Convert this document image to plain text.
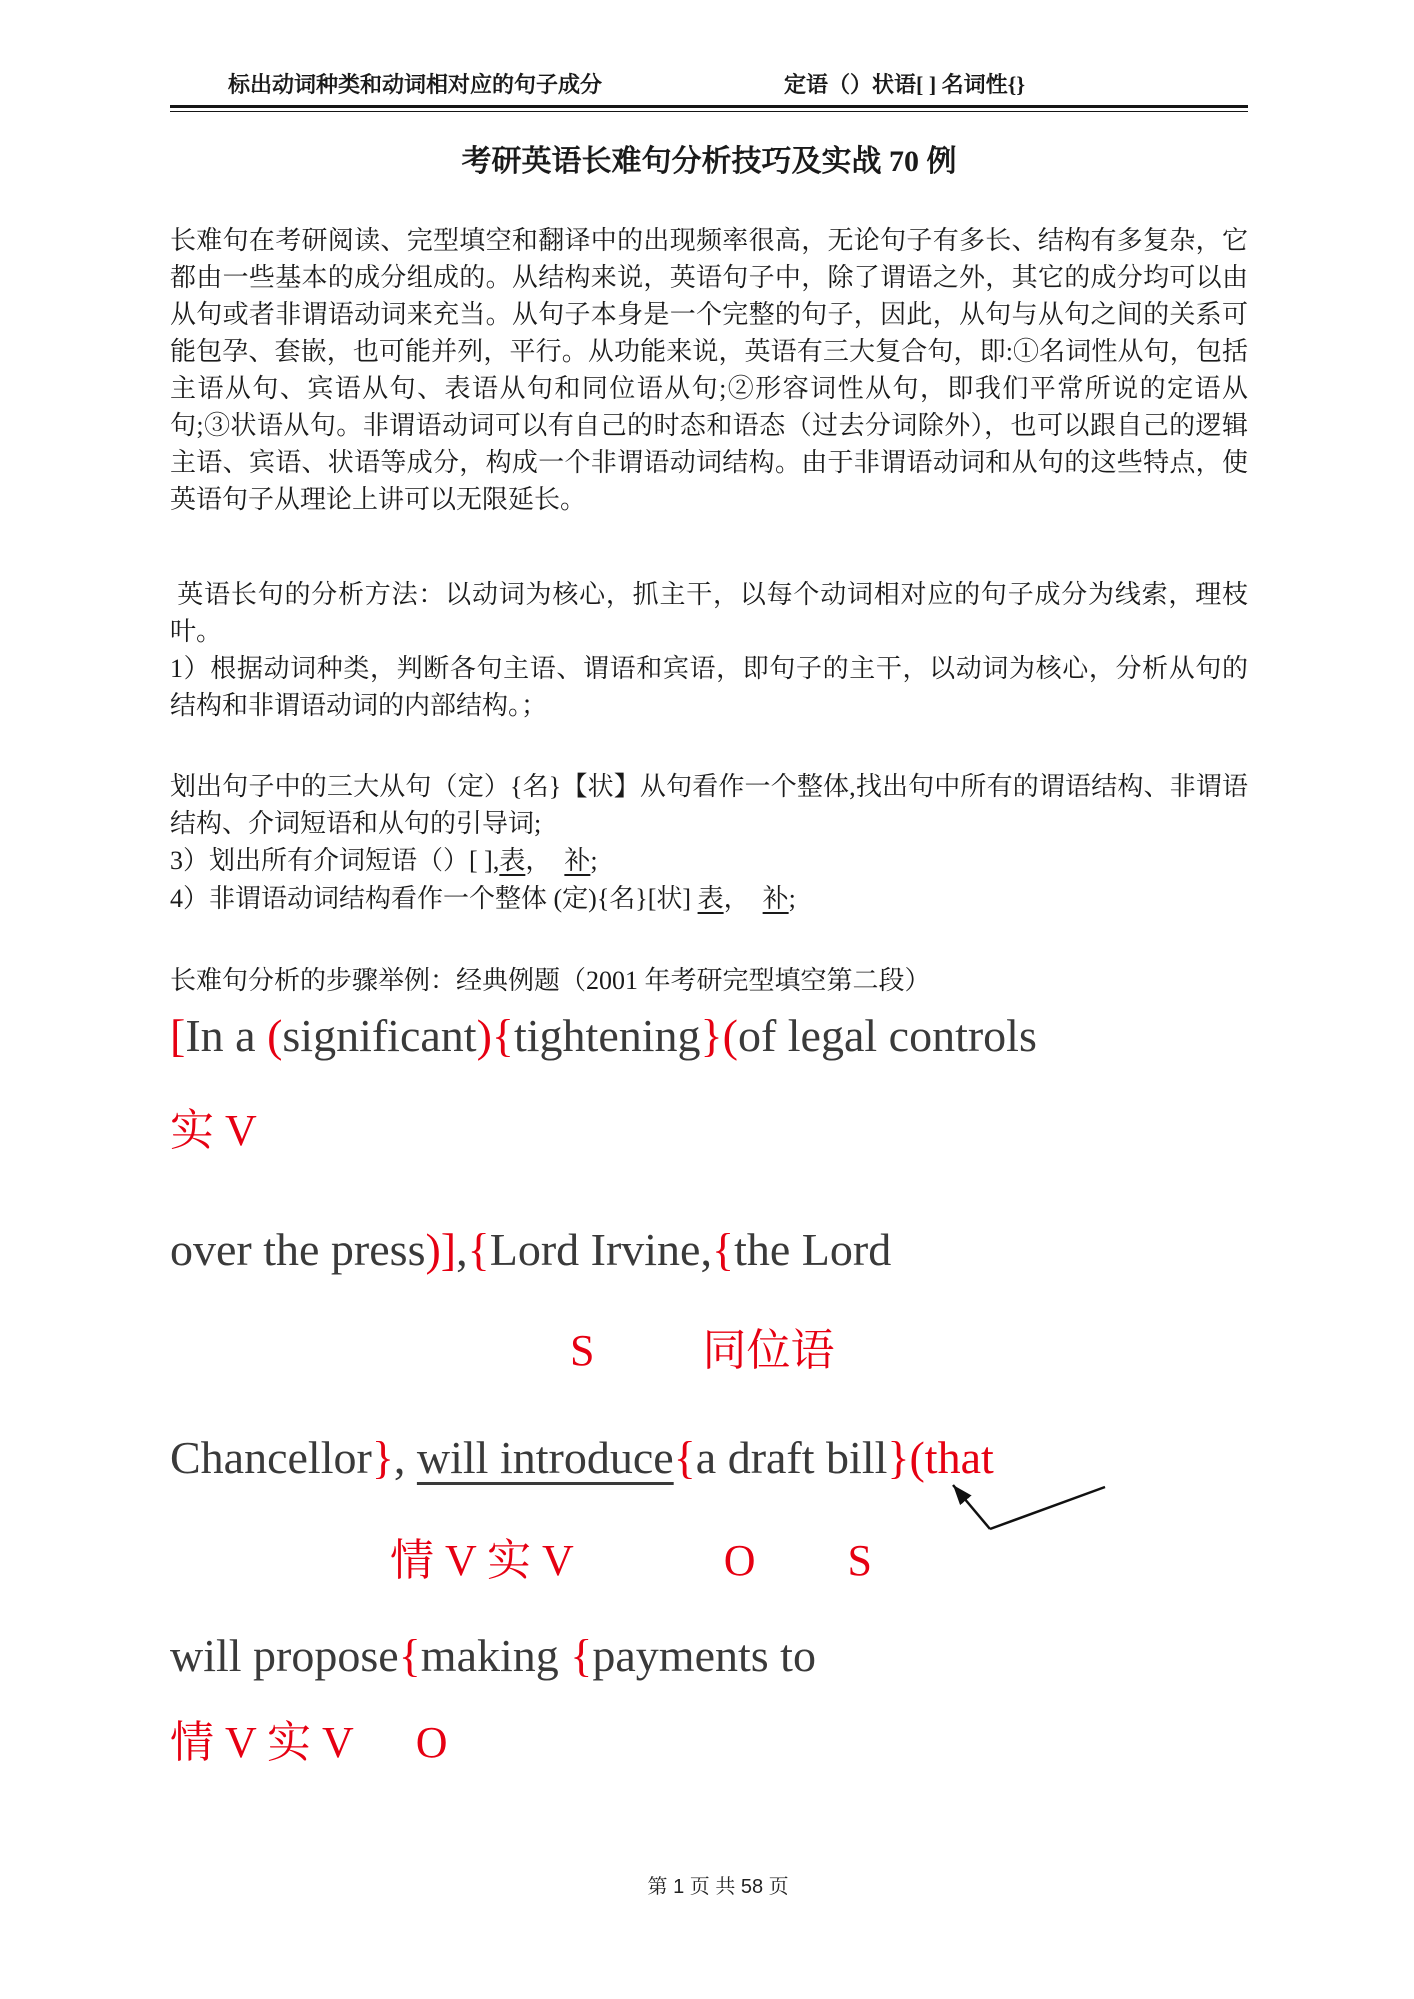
标出动词种类和动词相对应的句子成分	定语（）状语[ ] 名词性{}
考研英语长难句分析技巧及实战 70 例

长难句在考研阅读、完型填空和翻译中的出现频率很高，无论句子有多长、结构有多复杂，它都由一些基本的成分组成的。从结构来说，英语句子中，除了谓语之外，其它的成分均可以由从句或者非谓语动词来充当。从句子本身是一个完整的句子，因此，从句与从句之间的关系可能包孕、套嵌，也可能并列，平行。从功能来说，英语有三大复合句，即:①名词性从句，包括主语从句、宾语从句、表语从句和同位语从句;②形容词性从句，即我们平常所说的定语从句;③状语从句。非谓语动词可以有自己的时态和语态（过去分词除外），也可以跟自己的逻辑主语、宾语、状语等成分，构成一个非谓语动词结构。由于非谓语动词和从句的这些特点，使英语句子从理论上讲可以无限延长。

英语长句的分析方法：以动词为核心，抓主干，以每个动词相对应的句子成分为线索，理枝叶。

1）根据动词种类，判断各句主语、谓语和宾语，即句子的主干，以动词为核心，分析从句的结构和非谓语动词的内部结构。；

划出句子中的三大从句（定）{名}【状】从句看作一个整体,找出句中所有的谓语结构、非谓语结构、介词短语和从句的引导词;

3）划出所有介词短语（）[ ],表，　补;

4）非谓语动词结构看作一个整体 (定){名}[状] 表，　补;

长难句分析的步骤举例：经典例题（2001 年考研完型填空第二段）

[In a (significant){tightening}(of legal controls
实 V
over the press)],{Lord Irvine,{the Lord
S 同位语
Chancellor}, will introduce{a draft bill}(that
情 V 实 V	O S
will propose{making {payments to
情 V 实 V O

第 1 页 共 58 页
